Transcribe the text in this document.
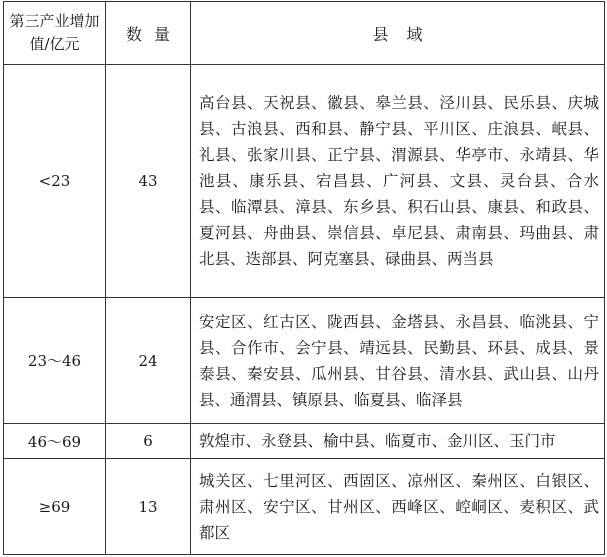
第三产业增加值/亿元	数量	县域
<23	43	高台县、天祝县、徽县、皋兰县、泾川县、民乐县、庆城县、古浪县、西和县、静宁县、平川区、庄浪县、岷县、礼县、张家川县、正宁县、渭源县、华亭市、永靖县、华池县、康乐县、宕昌县、广河县、文县、灵台县、合水县、临潭县、漳县、东乡县、积石山县、康县、和政县、夏河县、舟曲县、崇信县、卓尼县、肃南县、玛曲县、肃北县、迭部县、阿克塞县、碌曲县、两当县
23～46	24	安定区、红古区、陇西县、金塔县、永昌县、临洮县、宁县、合作市、会宁县、靖远县、民勤县、环县、成县、景泰县、秦安县、瓜州县、甘谷县、清水县、武山县、山丹县、通渭县、镇原县、临夏县、临泽县
46～69	6	敦煌市、永登县、榆中县、临夏市、金川区、玉门市
≥69	13	城关区、七里河区、西固区、凉州区、秦州区、白银区、肃州区、安宁区、甘州区、西峰区、崆峒区、麦积区、武都区
